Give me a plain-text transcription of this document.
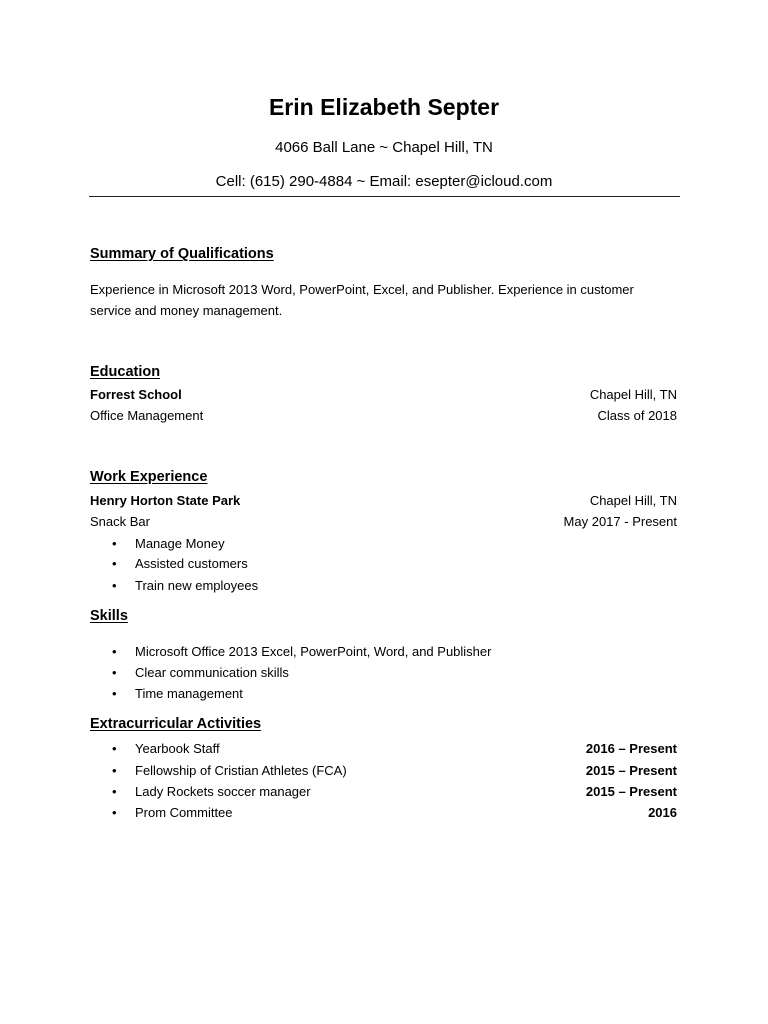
Erin Elizabeth Septer
4066 Ball Lane ~ Chapel Hill, TN
Cell: (615) 290-4884 ~ Email: esepter@icloud.com
Summary of Qualifications
Experience in Microsoft 2013 Word, PowerPoint, Excel, and Publisher. Experience in customer
service and money management.
Education
Forrest School	Chapel Hill, TN
Office Management	Class of 2018
Work Experience
Henry Horton State Park	Chapel Hill, TN
Snack Bar	May 2017 - Present
• Manage Money
• Assisted customers
• Train new employees
Skills
• Microsoft Office 2013 Excel, PowerPoint, Word, and Publisher
• Clear communication skills
• Time management
Extracurricular Activities
• Yearbook Staff	2016 – Present
• Fellowship of Cristian Athletes (FCA)	2015 – Present
• Lady Rockets soccer manager	2015 – Present
• Prom Committee	2016
